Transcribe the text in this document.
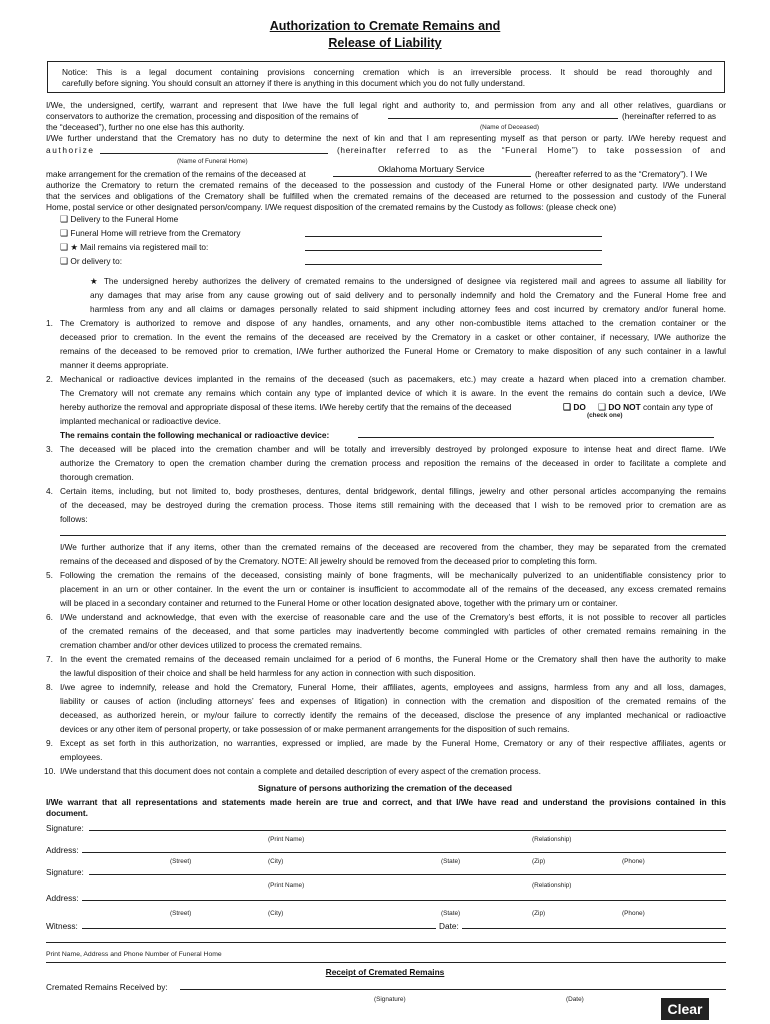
Authorization to Cremate Remains and
Release of Liability
Notice: This is a legal document containing provisions concerning cremation which is an irreversible process. It should be read thoroughly and
carefully before signing. You should consult an attorney if there is anything in this document which you do not fully understand.
I/We, the undersigned, certify, warrant and represent that I/we have the full legal right and authority to, and permission from any and all other relatives, guardians or
conservators to authorize the cremation, processing and disposition of the remains of	(hereinafter referred to as
(Name of Deceased)
the “deceased”), further no one else has this authority.
I/We further understand that the Crematory has no duty to determine the next of kin and that I am representing myself as that person or party. I/We hereby request and
authorize	(hereinafter referred to as the “Funeral Home”) to take possession of and
(Name of Funeral Home)
make arrangement for the cremation of the remains of the deceased at	Oklahoma Mortuary Service	(hereafter referred to as the “Crematory”). I We
authorize the Crematory to return the cremated remains of the deceased to the possession and custody of the Funeral Home or other designated party. I/We understand
that the services and obligations of the Crematory shall be fulfilled when the cremated remains of the deceased are returned to the possession and custody of the Funeral
Home, postal service or other designated person/company. I/We request disposition of the cremated remains by the Custody as follows: (please check one)
❑ Delivery to the Funeral Home
❑ Funeral Home will retrieve from the Crematory
❑ ★ Mail remains via registered mail to:
❑ Or delivery to:
★ The undersigned hereby authorizes the delivery of cremated remains to the undersigned of designee via registered mail and agrees to assume all liability for
any damages that may arise from any cause growing out of said delivery and to personally indemnify and hold the Crematory and the Funeral Home free and
harmless from any and all claims or damages personally related to said shipment including attorney fees and cost incurred by crematory and/or funeral home.
1. The Crematory is authorized to remove and dispose of any handles, ornaments, and any other non-combustible items attached to the cremation container or the
deceased prior to cremation. In the event the remains of the deceased are received by the Crematory in a casket or other container, if necessary, I/We authorize the
remains of the deceased to be removed prior to cremation, I/We further authorized the Funeral Home or Crematory to make disposition of any such container in a lawful
manner it deems appropriate.
2. Mechanical or radioactive devices implanted in the remains of the deceased (such as pacemakers, etc.) may create a hazard when placed into a cremation chamber.
The Crematory will not cremate any remains which contain any type of implanted device of which it is aware. In the event the remains do contain such a device, I/We
hereby authorize the removal and appropriate disposal of these items. I/We hereby certify that the remains of the deceased	❑ DO ❑ DO NOT contain any type of
(check one)
implanted mechanical or radioactive device.
The remains contain the following mechanical or radioactive device:
3. The deceased will be placed into the cremation chamber and will be totally and irreversibly destroyed by prolonged exposure to intense heat and direct flame. I/We
authorize the Crematory to open the cremation chamber during the cremation process and reposition the remains of the deceased in order to facilitate a complete and
thorough cremation.
4. Certain items, including, but not limited to, body prostheses, dentures, dental bridgework, dental fillings, jewelry and other personal articles accompanying the remains
of the deceased, may be destroyed during the cremation process. Those items still remaining with the deceased that I wish to be removed prior to cremation are as
follows:
I/We further authorize that if any items, other than the cremated remains of the deceased are recovered from the chamber, they may be separated from the cremated
remains of the deceased and disposed of by the Crematory. NOTE: All jewelry should be removed from the deceased prior to completing this form.
5. Following the cremation the remains of the deceased, consisting mainly of bone fragments, will be mechanically pulverized to an unidentifiable consistency prior to
placement in an urn or other container. In the event the urn or container is insufficient to accommodate all of the remains of the deceased, any excess cremated remains
will be placed in a secondary container and returned to the Funeral Home or other location designated above, together with the primary urn or container.
6. I/We understand and acknowledge, that even with the exercise of reasonable care and the use of the Crematory’s best efforts, it is not possible to recover all particles
of the cremated remains of the deceased, and that some particles may inadvertently become commingled with particles of other cremated remains remaining in the
cremation chamber and/or other devices utilized to process the cremated remains.
7. In the event the cremated remains of the deceased remain unclaimed for a period of 6 months, the Funeral Home or the Crematory shall then have the authority to make
the lawful disposition of their choice and shall be held harmless for any action in connection with such disposition.
8. I/we agree to indemnify, release and hold the Crematory, Funeral Home, their affiliates, agents, employees and assigns, harmless from any and all loss, damages,
liability or causes of action (including attorneys’ fees and expenses of litigation) in connection with the cremation and disposition of the cremated remains of the
deceased, as authorized herein, or my/our failure to correctly identify the remains of the deceased, disclose the presence of any implanted mechanical or radioactive
devices or any other item of personal property, or take possession of or make permanent arrangements for the disposition of such remains.
9. Except as set forth in this authorization, no warranties, expressed or implied, are made by the Funeral Home, Crematory or any of their respective affiliates, agents or
employees.
10. I/We understand that this document does not contain a complete and detailed description of every aspect of the cremation process.
Signature of persons authorizing the cremation of the deceased
I/We warrant that all representations and statements made herein are true and correct, and that I/We have read and understand the provisions contained in this
document.
Signature:
(Print Name)	(Relationship)
Address:
(Street)	(City)	(State)	(Zip)	(Phone)
Signature:
(Print Name)	(Relationship)
Address:
(Street)	(City)	(State)	(Zip)	(Phone)
Witness:	Date:
Print Name, Address and Phone Number of Funeral Home
Receipt of Cremated Remains
Cremated Remains Received by:
(Signature)	(Date)
Clear
